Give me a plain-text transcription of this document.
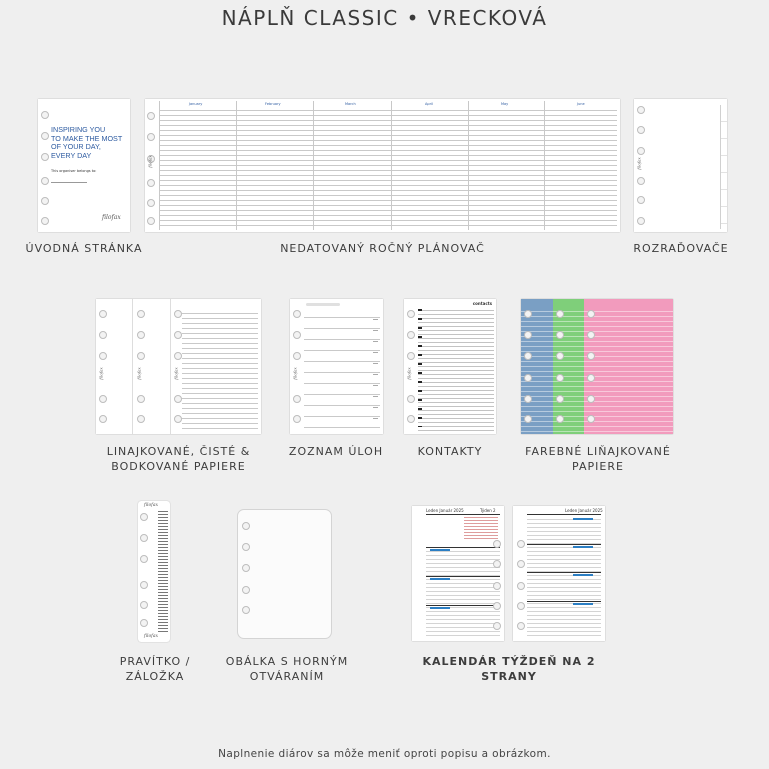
NÁPLŇ CLASSIC • VRECKOVÁ
INSPIRING YOU
TO MAKE THE MOST
OF YOUR DAY,
EVERY DAY
This organiser belongs to:
filofax
January	February	March	April	May	June
filofax	filofax
ÚVODNÁ STRÁNKA	NEDATOVANÝ ROČNÝ PLÁNOVAČ	ROZRAĎOVAČE
filofax	filofax	filofax	filofax
contacts
filofax
LINAJKOVANÉ, ČISTÉ &
BODKOVANÉ PAPIERE
ZOZNAM ÚLOH	KONTAKTY	FAREBNÉ LIŇAJKOVANÉ
PAPIERE
filofax
filofax
Leden Január 2025	Týden 2	Leden Január 2025
PRAVÍTKO /
ZÁLOŽKA
OBÁLKA S HORNÝM
OTVÁRANÍM
KALENDÁR TÝŽDEŇ NA 2 STRANY
Naplnenie diárov sa môže meniť oproti popisu a obrázkom.
